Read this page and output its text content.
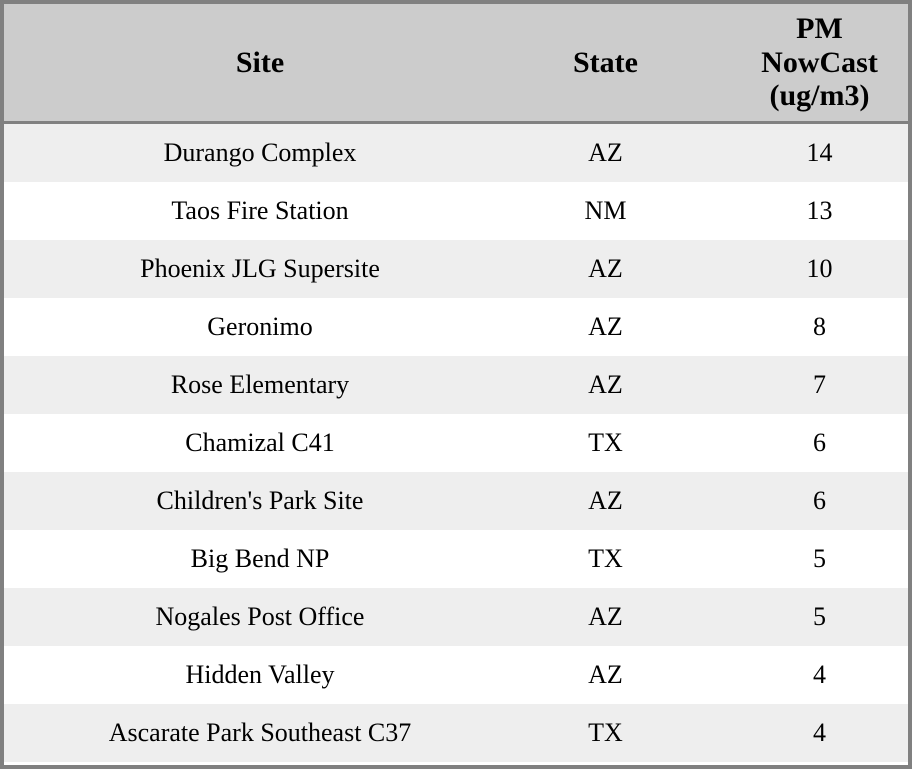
Site	State	PM
NowCast
(ug/m3)

Durango Complex	AZ	14
Taos Fire Station	NM	13
Phoenix JLG Supersite	AZ	10
Geronimo	AZ	8
Rose Elementary	AZ	7
Chamizal C41	TX	6
Children's Park Site	AZ	6
Big Bend NP	TX	5
Nogales Post Office	AZ	5
Hidden Valley	AZ	4
Ascarate Park Southeast C37	TX	4
